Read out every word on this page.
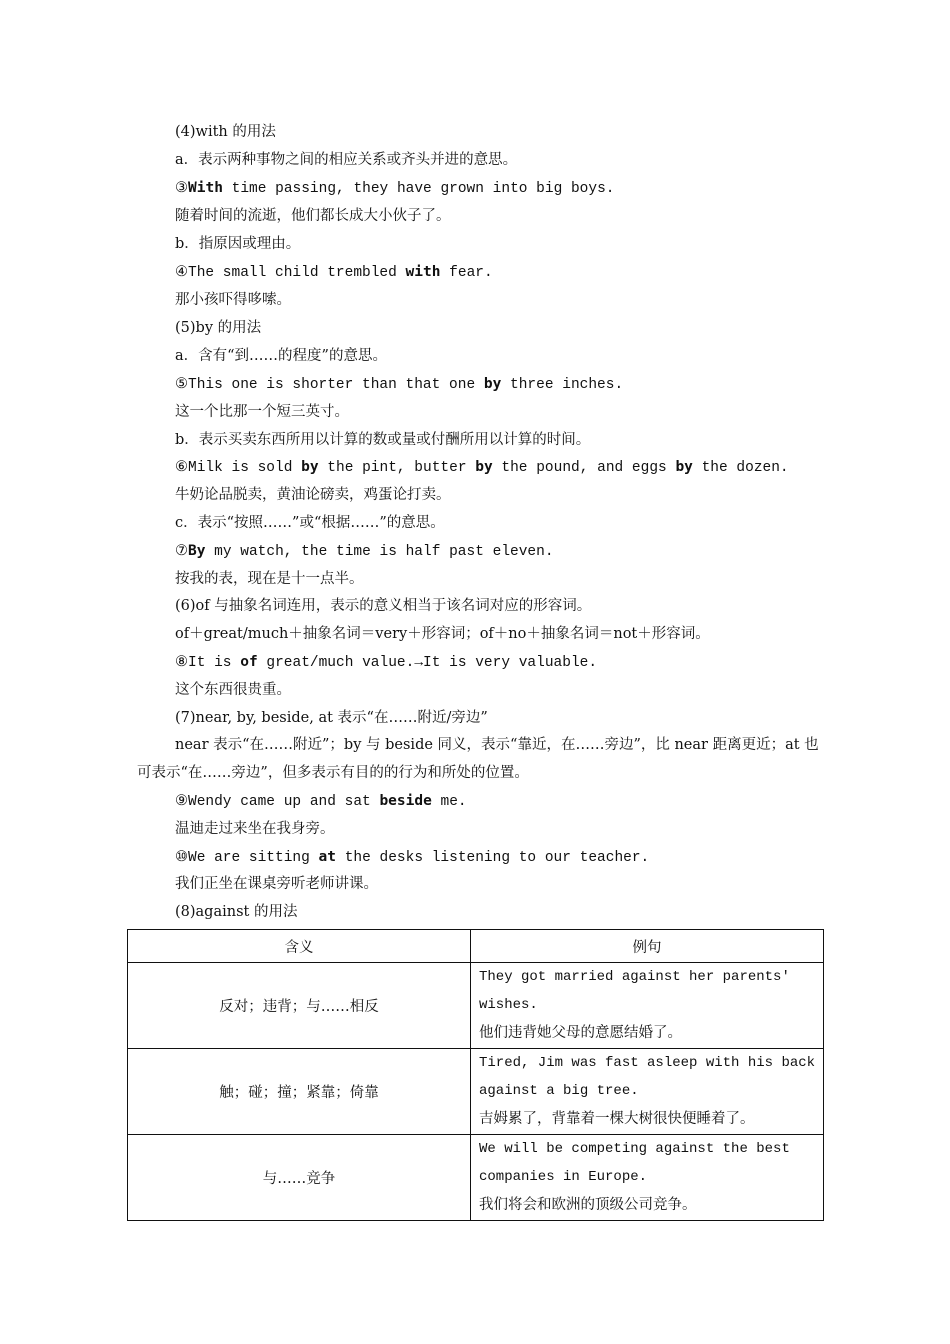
(4)with 的用法
a．表示两种事物之间的相应关系或齐头并进的意思。
③With time passing, they have grown into big boys.
随着时间的流逝，他们都长成大小伙子了。
b．指原因或理由。
④The small child trembled with fear.
那小孩吓得哆嗦。
(5)by 的用法
a．含有“到……的程度”的意思。
⑤This one is shorter than that one by three inches.
这一个比那一个短三英寸。
b．表示买卖东西所用以计算的数或量或付酬所用以计算的时间。
⑥Milk is sold by the pint, butter by the pound, and eggs by the dozen.
牛奶论品脱卖，黄油论磅卖，鸡蛋论打卖。
c．表示“按照……”或“根据……”的意思。
⑦By my watch, the time is half past eleven.
按我的表，现在是十一点半。
(6)of 与抽象名词连用，表示的意义相当于该名词对应的形容词。
of＋great/much＋抽象名词＝very＋形容词；of＋no＋抽象名词＝not＋形容词。
⑧It is of great/much value.→It is very valuable.
这个东西很贵重。
(7)near, by, beside, at 表示“在……附近/旁边”
near 表示“在……附近”；by 与 beside 同义，表示“靠近，在……旁边”，比 near 距离更近；at 也可表示“在……旁边”，但多表示有目的的行为和所处的位置。
⑨Wendy came up and sat beside me.
温迪走过来坐在我身旁。
⑩We are sitting at the desks listening to our teacher.
我们正坐在课桌旁听老师讲课。
(8)against 的用法
含义	例句
反对；违背；与……相反	They got married against her parents' wishes.
他们违背她父母的意愿结婚了。

触；碰；撞；紧靠；倚靠	Tired, Jim was fast asleep with his back against a big tree.
吉姆累了，背靠着一棵大树很快便睡着了。

与……竞争	We will be competing against the best companies in Europe.
我们将会和欧洲的顶级公司竞争。
